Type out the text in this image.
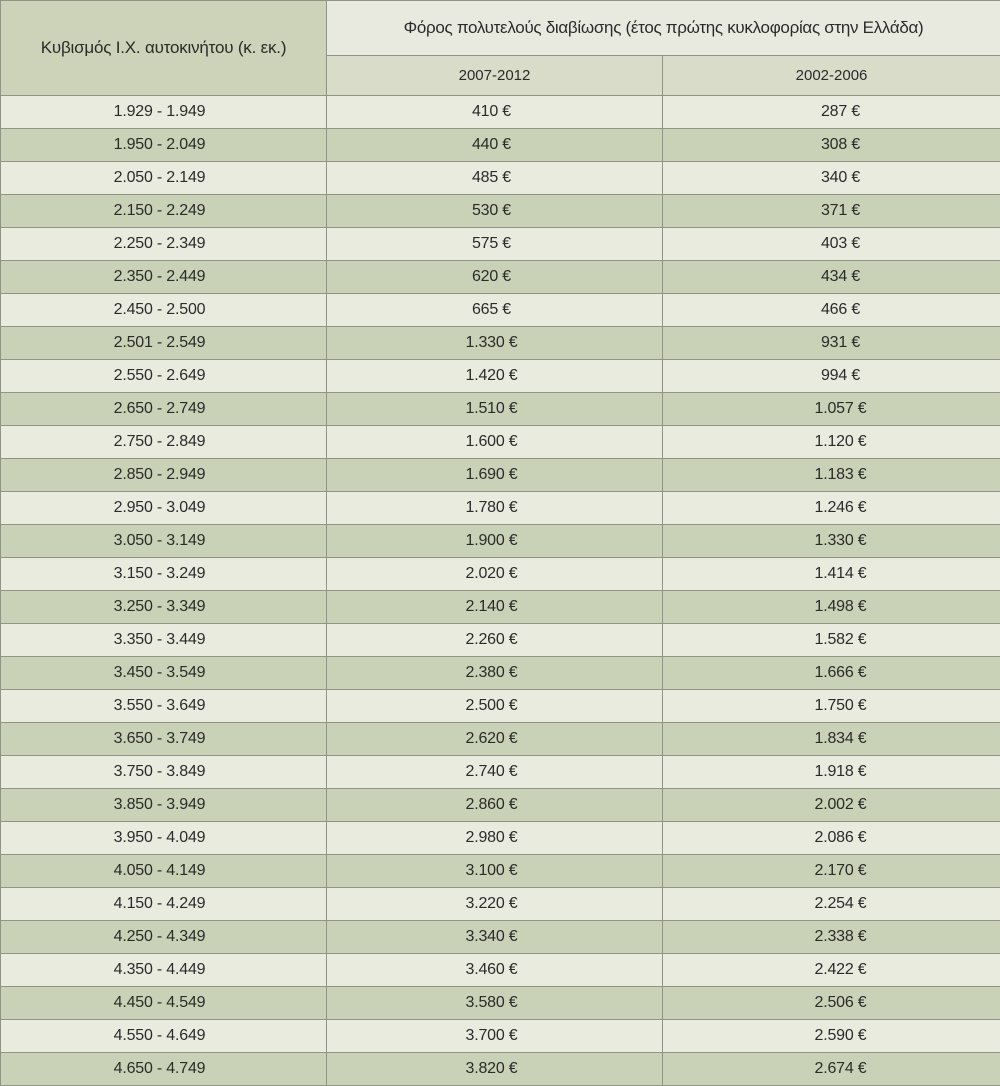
Κυβισμός Ι.Χ. αυτοκινήτου (κ. εκ.)	Φόρος πολυτελούς διαβίωσης (έτος πρώτης κυκλοφορίας στην Ελλάδα)	
	2007-2012	2002-2006
1.929 - 1.949	410 €	287 €
1.950 - 2.049	440 €	308 €
2.050 - 2.149	485 €	340 €
2.150 - 2.249	530 €	371 €
2.250 - 2.349	575 €	403 €
2.350 - 2.449	620 €	434 €
2.450 - 2.500	665 €	466 €
2.501 - 2.549	1.330 €	931 €
2.550 - 2.649	1.420 €	994 €
2.650 - 2.749	1.510 €	1.057 €
2.750 - 2.849	1.600 €	1.120 €
2.850 - 2.949	1.690 €	1.183 €
2.950 - 3.049	1.780 €	1.246 €
3.050 - 3.149	1.900 €	1.330 €
3.150 - 3.249	2.020 €	1.414 €
3.250 - 3.349	2.140 €	1.498 €
3.350 - 3.449	2.260 €	1.582 €
3.450 - 3.549	2.380 €	1.666 €
3.550 - 3.649	2.500 €	1.750 €
3.650 - 3.749	2.620 €	1.834 €
3.750 - 3.849	2.740 €	1.918 €
3.850 - 3.949	2.860 €	2.002 €
3.950 - 4.049	2.980 €	2.086 €
4.050 - 4.149	3.100 €	2.170 €
4.150 - 4.249	3.220 €	2.254 €
4.250 - 4.349	3.340 €	2.338 €
4.350 - 4.449	3.460 €	2.422 €
4.450 - 4.549	3.580 €	2.506 €
4.550 - 4.649	3.700 €	2.590 €
4.650 - 4.749	3.820 €	2.674 €
